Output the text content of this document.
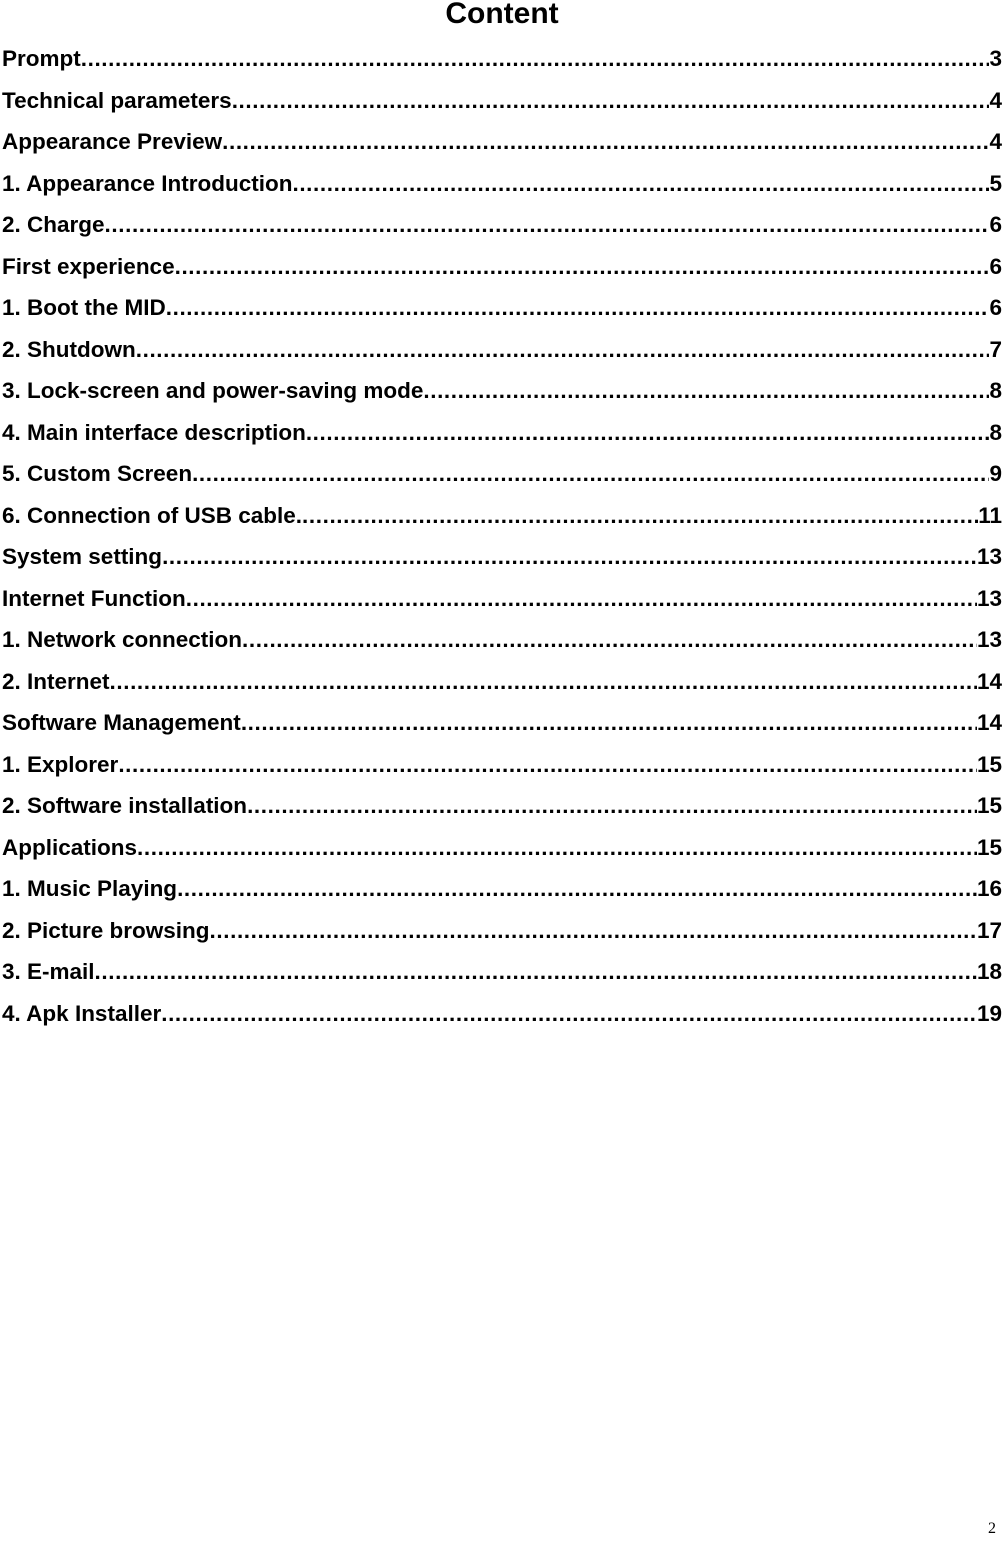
Content
Prompt .....	3
Technical parameters .....	4
Appearance Preview .....	4
1. Appearance Introduction .....	5
2. Charge .....	6
First experience .....	6
1. Boot the MID .....	6
2. Shutdown .....	7
3. Lock-screen and power-saving mode .....	8
4. Main interface description .....	8
5. Custom Screen .....	9
6. Connection of USB cable. .....	11
System setting .....	13
Internet Function .....	13
1. Network connection .....	13
2. Internet .....	14
Software Management .....	14
1. Explorer .....	15
2. Software installation .....	15
Applications .....	15
1. Music Playing .....	16
2. Picture browsing .....	17
3. E-mail .....	18
4. Apk Installer .....	19
2
